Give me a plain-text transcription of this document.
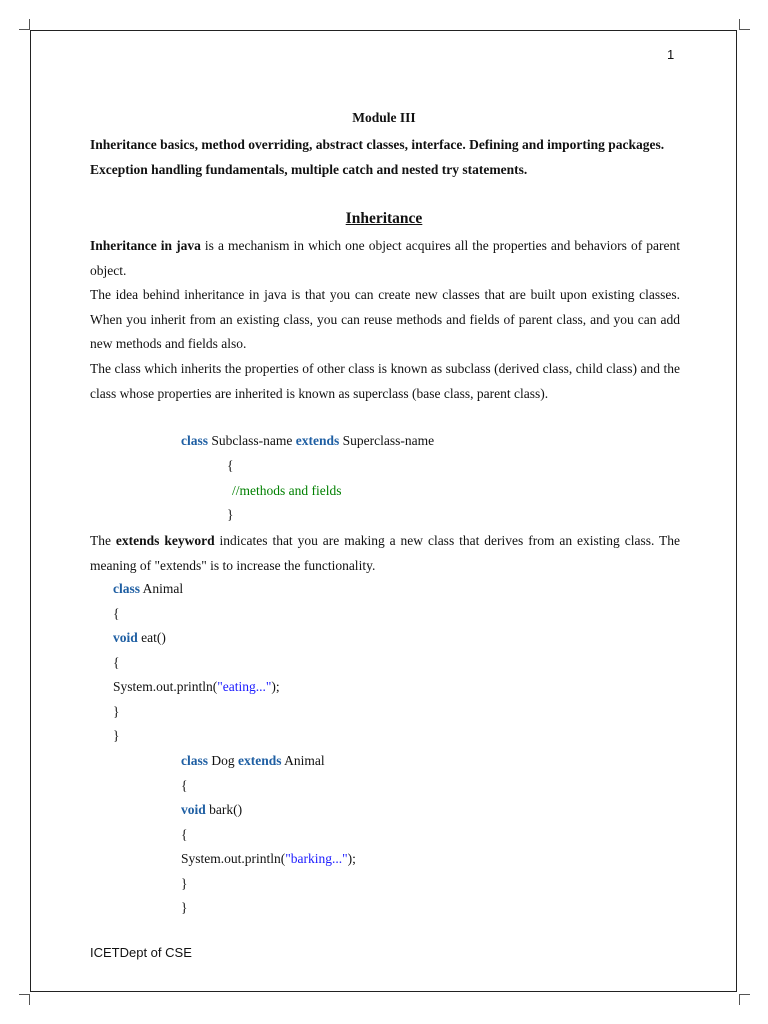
1
Module III
Inheritance basics, method overriding, abstract classes, interface. Defining and importing packages.
Exception handling fundamentals, multiple catch and nested try statements.
Inheritance
Inheritance in java is a mechanism in which one object acquires all the properties and behaviors of parent object.
The idea behind inheritance in java is that you can create new classes that are built upon existing classes. When you inherit from an existing class, you can reuse methods and fields of parent class, and you can add new methods and fields also.
The class which inherits the properties of other class is known as subclass (derived class, child class) and the class whose properties are inherited is known as superclass (base class, parent class).
class Subclass-name extends Superclass-name
{
//methods and fields
}
The extends keyword indicates that you are making a new class that derives from an existing class. The meaning of "extends" is to increase the functionality.
class Animal
{
void eat()
{
System.out.println("eating...");
}
}
class Dog extends Animal
{
void bark()
{
System.out.println("barking...");
}
}
ICETDept of CSE
